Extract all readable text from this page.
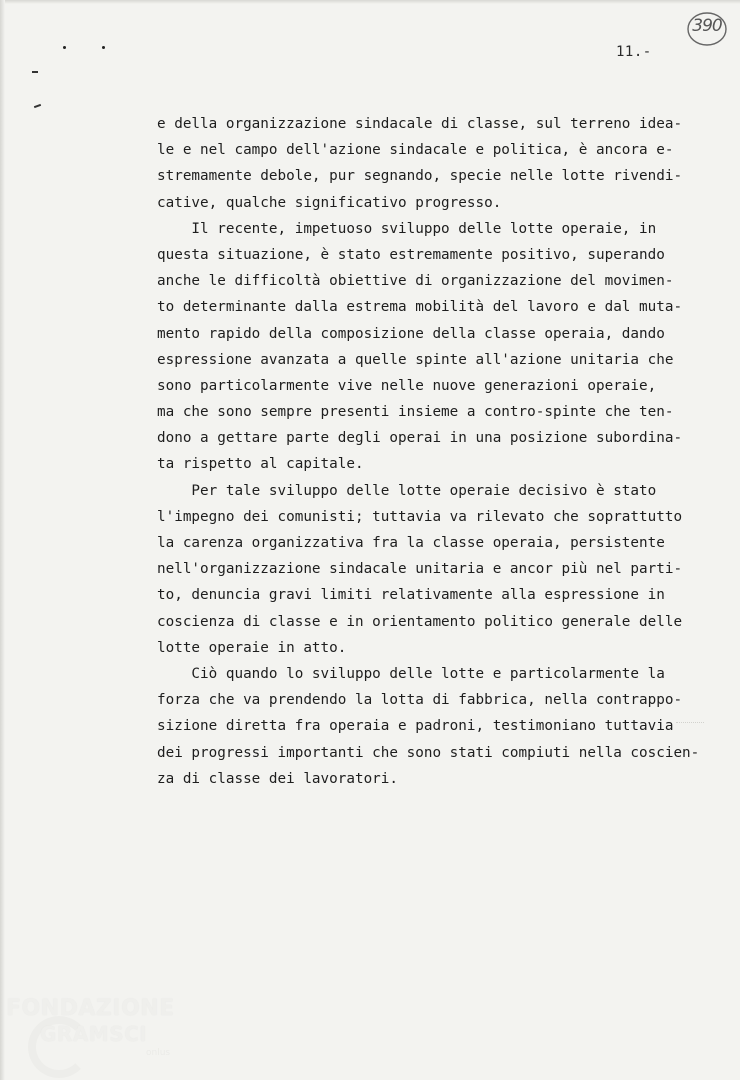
390
11.-
e della organizzazione sindacale di classe, sul terreno idea-
le e nel campo dell'azione sindacale e politica, è ancora e-
stremamente debole, pur segnando, specie nelle lotte rivendi-
cative, qualche significativo progresso.
Il recente, impetuoso sviluppo delle lotte operaie, in
questa situazione, è stato estremamente positivo, superando
anche le difficoltà obiettive di organizzazione del movimen-
to determinante dalla estrema mobilità del lavoro e dal muta-
mento rapido della composizione della classe operaia, dando
espressione avanzata a quelle spinte all'azione unitaria che
sono particolarmente vive nelle nuove generazioni operaie,
ma che sono sempre presenti insieme a contro-spinte che ten-
dono a gettare parte degli operai in una posizione subordina-
ta rispetto al capitale.
Per tale sviluppo delle lotte operaie decisivo è stato
l'impegno dei comunisti; tuttavia va rilevato che soprattutto
la carenza organizzativa fra la classe operaia, persistente
nell'organizzazione sindacale unitaria e ancor più nel parti-
to, denuncia gravi limiti relativamente alla espressione in
coscienza di classe e in orientamento politico generale delle
lotte operaie in atto.
Ciò quando lo sviluppo delle lotte e particolarmente la
forza che va prendendo la lotta di fabbrica, nella contrappo-
sizione diretta fra operaia e padroni, testimoniano tuttavia
dei progressi importanti che sono stati compiuti nella coscien-
za di classe dei lavoratori.
FONDAZIONE
GRAMSCI
onlus
